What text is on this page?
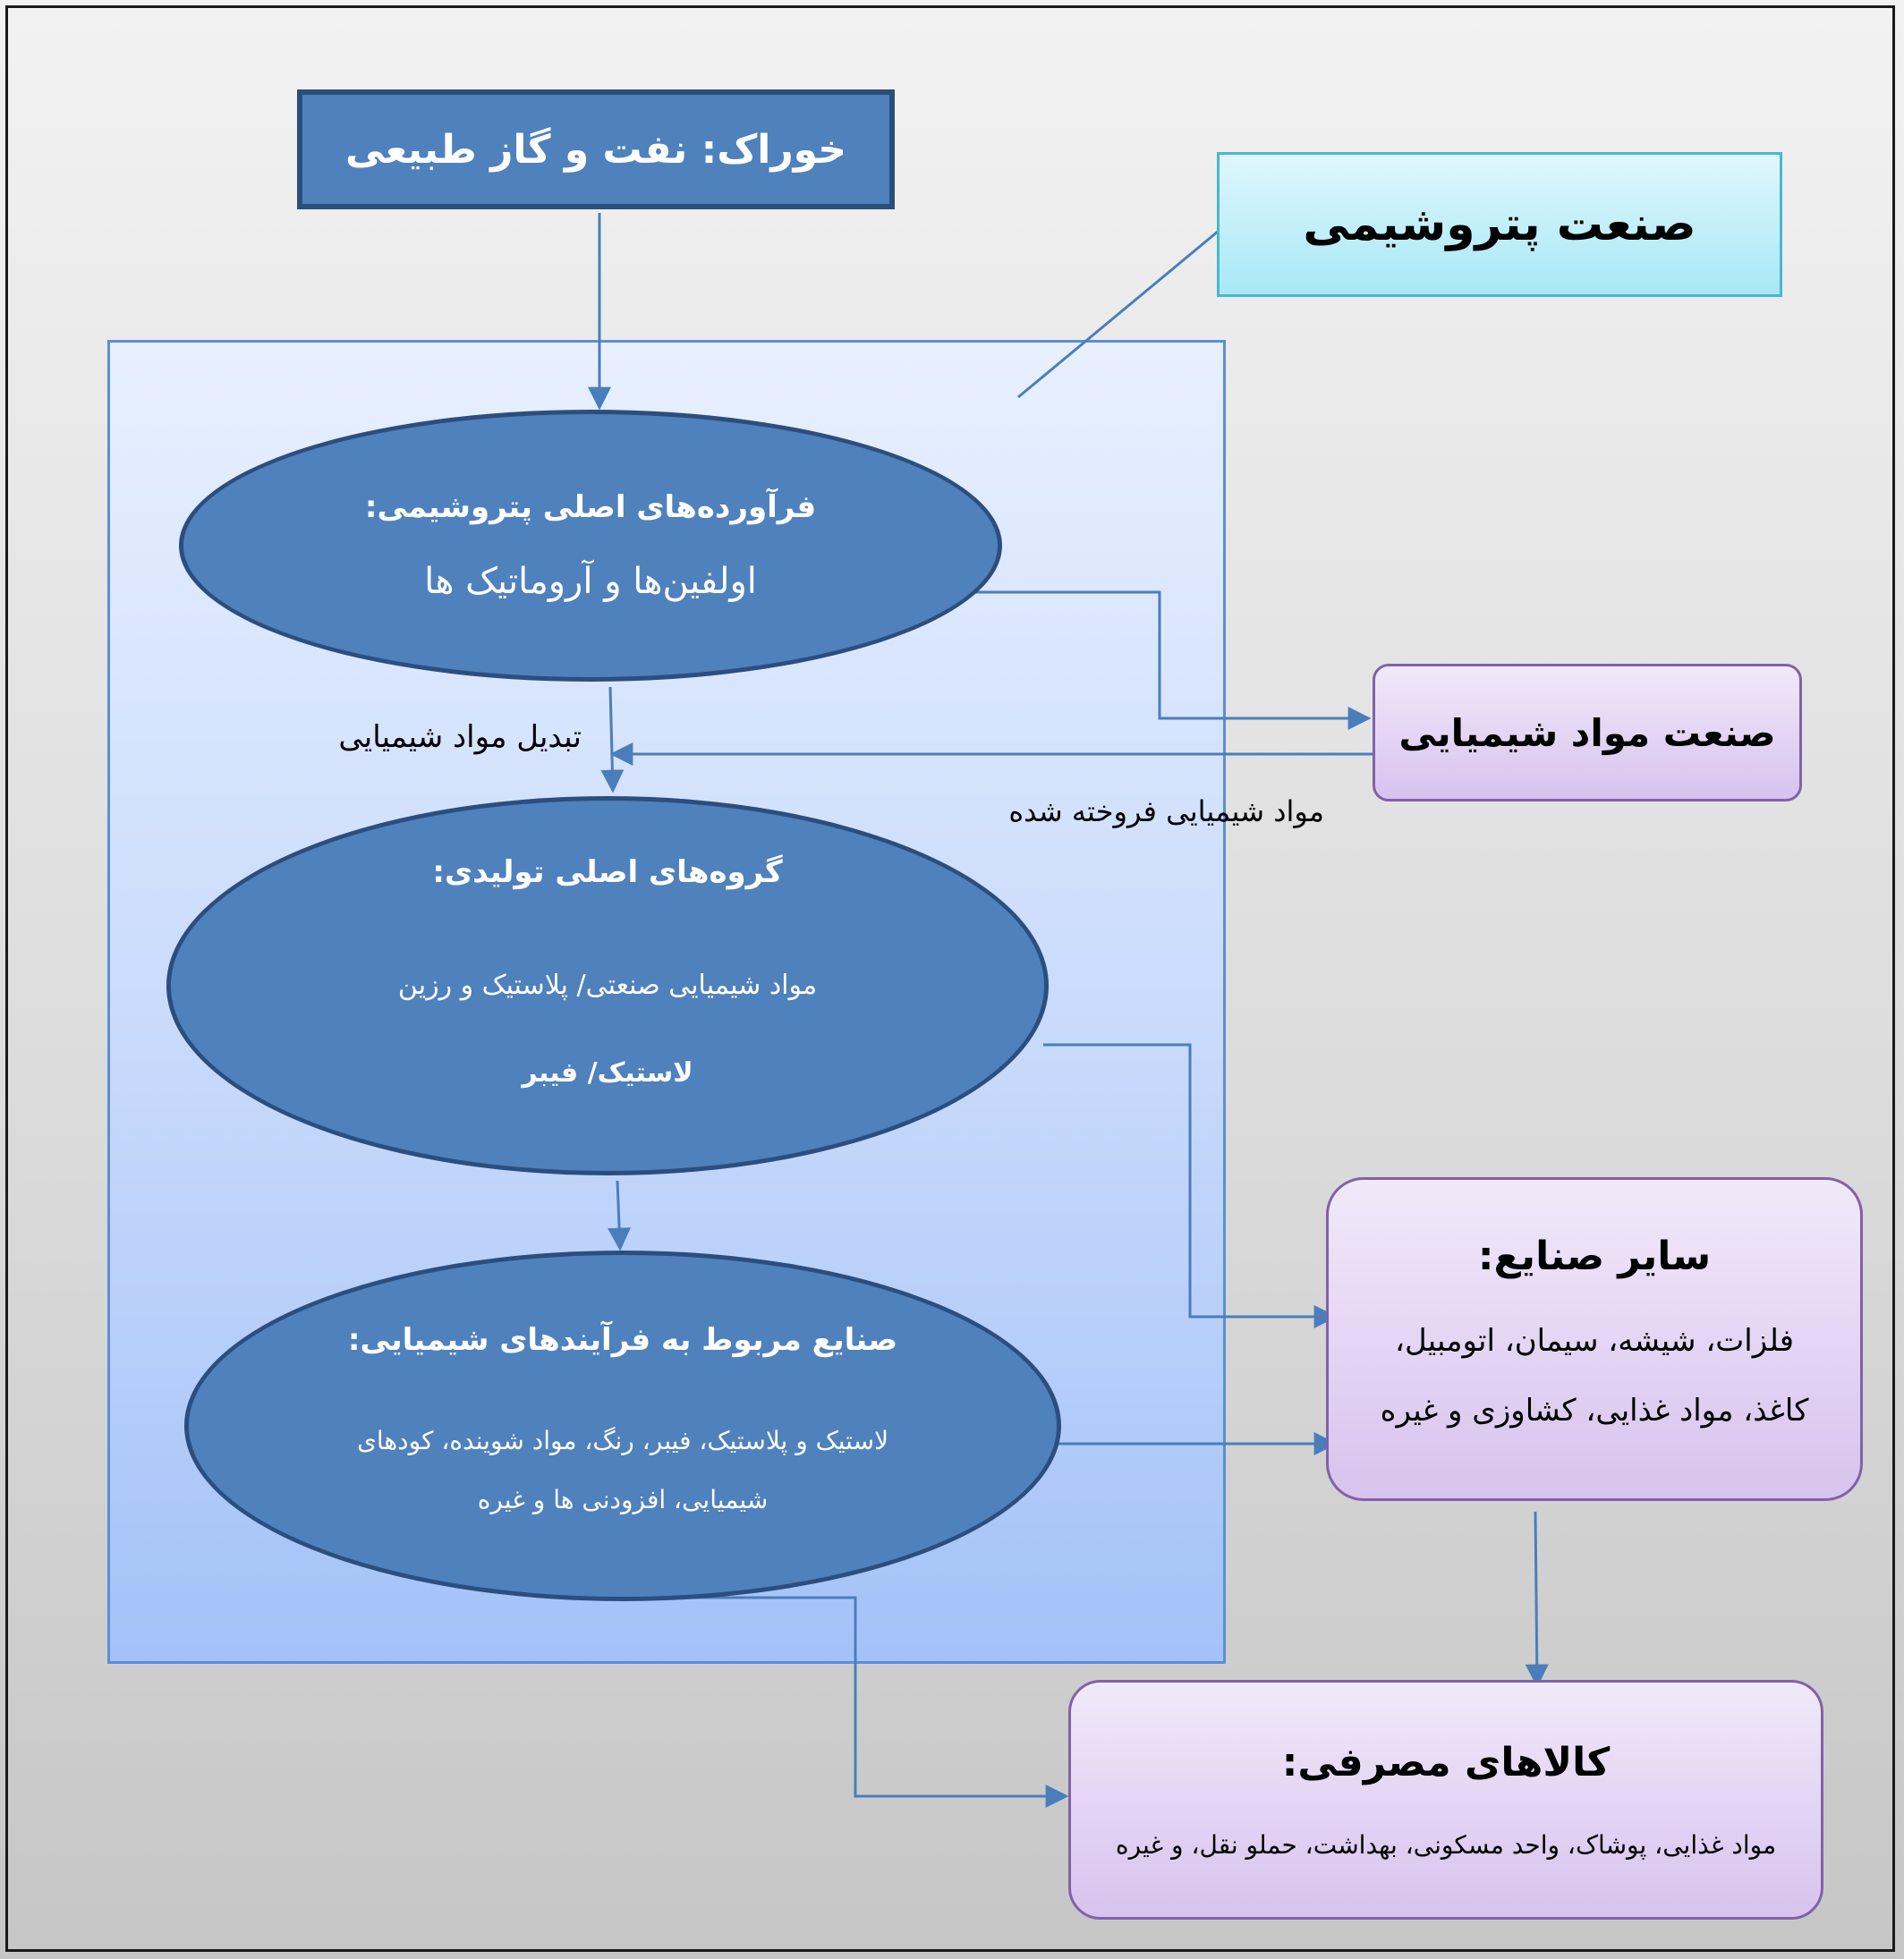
خوراک: نفت و گاز طبیعی
صنعت پتروشیمی
فرآورده‌های اصلی پتروشیمی:
اولفین‌ها و آروماتیک ها
تبدیل مواد شیمیایی	صنعت مواد شیمیایی
مواد شیمیایی فروخته شده
گروه‌های اصلی تولیدی:
مواد شیمیایی صنعتی/ پلاستیک و رزین
لاستیک/ فیبر
صنایع مربوط به فرآیندهای شیمیایی:
لاستیک و پلاستیک، فیبر، رنگ، مواد شوینده، کودهای
شیمیایی، افزودنی ها و غیره
سایر صنایع:
فلزات، شیشه، سیمان، اتومبیل،
کاغذ، مواد غذایی، کشاوزی و غیره
کالاهای مصرفی:
مواد غذایی، پوشاک، واحد مسکونی، بهداشت، حملو نقل، و غیره
